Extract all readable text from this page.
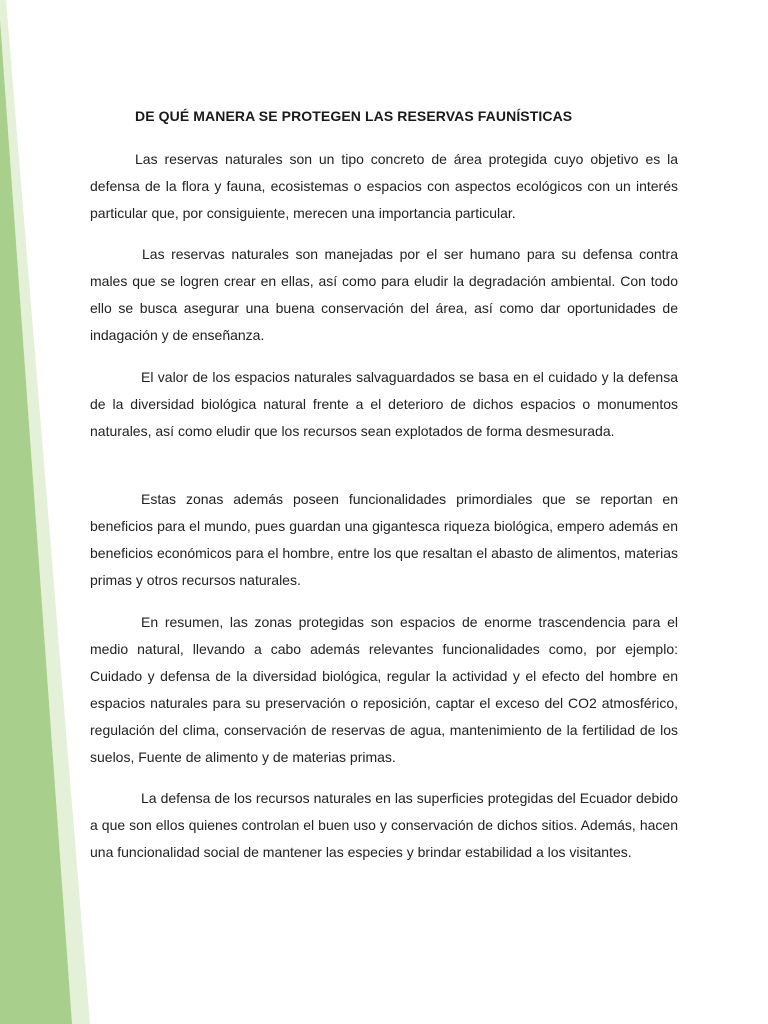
DE QUÉ MANERA SE PROTEGEN LAS RESERVAS FAUNÍSTICAS

Las reservas naturales son un tipo concreto de área protegida cuyo objetivo es la defensa de la flora y fauna, ecosistemas o espacios con aspectos ecológicos con un interés particular que, por consiguiente, merecen una importancia particular.

Las reservas naturales son manejadas por el ser humano para su defensa contra males que se logren crear en ellas, así como para eludir la degradación ambiental. Con todo ello se busca asegurar una buena conservación del área, así como dar oportunidades de indagación y de enseñanza.

El valor de los espacios naturales salvaguardados se basa en el cuidado y la defensa de la diversidad biológica natural frente a el deterioro de dichos espacios o monumentos naturales, así como eludir que los recursos sean explotados de forma desmesurada.

Estas zonas además poseen funcionalidades primordiales que se reportan en beneficios para el mundo, pues guardan una gigantesca riqueza biológica, empero además en beneficios económicos para el hombre, entre los que resaltan el abasto de alimentos, materias primas y otros recursos naturales.

En resumen, las zonas protegidas son espacios de enorme trascendencia para el medio natural, llevando a cabo además relevantes funcionalidades como, por ejemplo: Cuidado y defensa de la diversidad biológica, regular la actividad y el efecto del hombre en espacios naturales para su preservación o reposición, captar el exceso del CO2 atmosférico, regulación del clima, conservación de reservas de agua, mantenimiento de la fertilidad de los suelos, Fuente de alimento y de materias primas.

La defensa de los recursos naturales en las superficies protegidas del Ecuador debido a que son ellos quienes controlan el buen uso y conservación de dichos sitios. Además, hacen una funcionalidad social de mantener las especies y brindar estabilidad a los visitantes.
